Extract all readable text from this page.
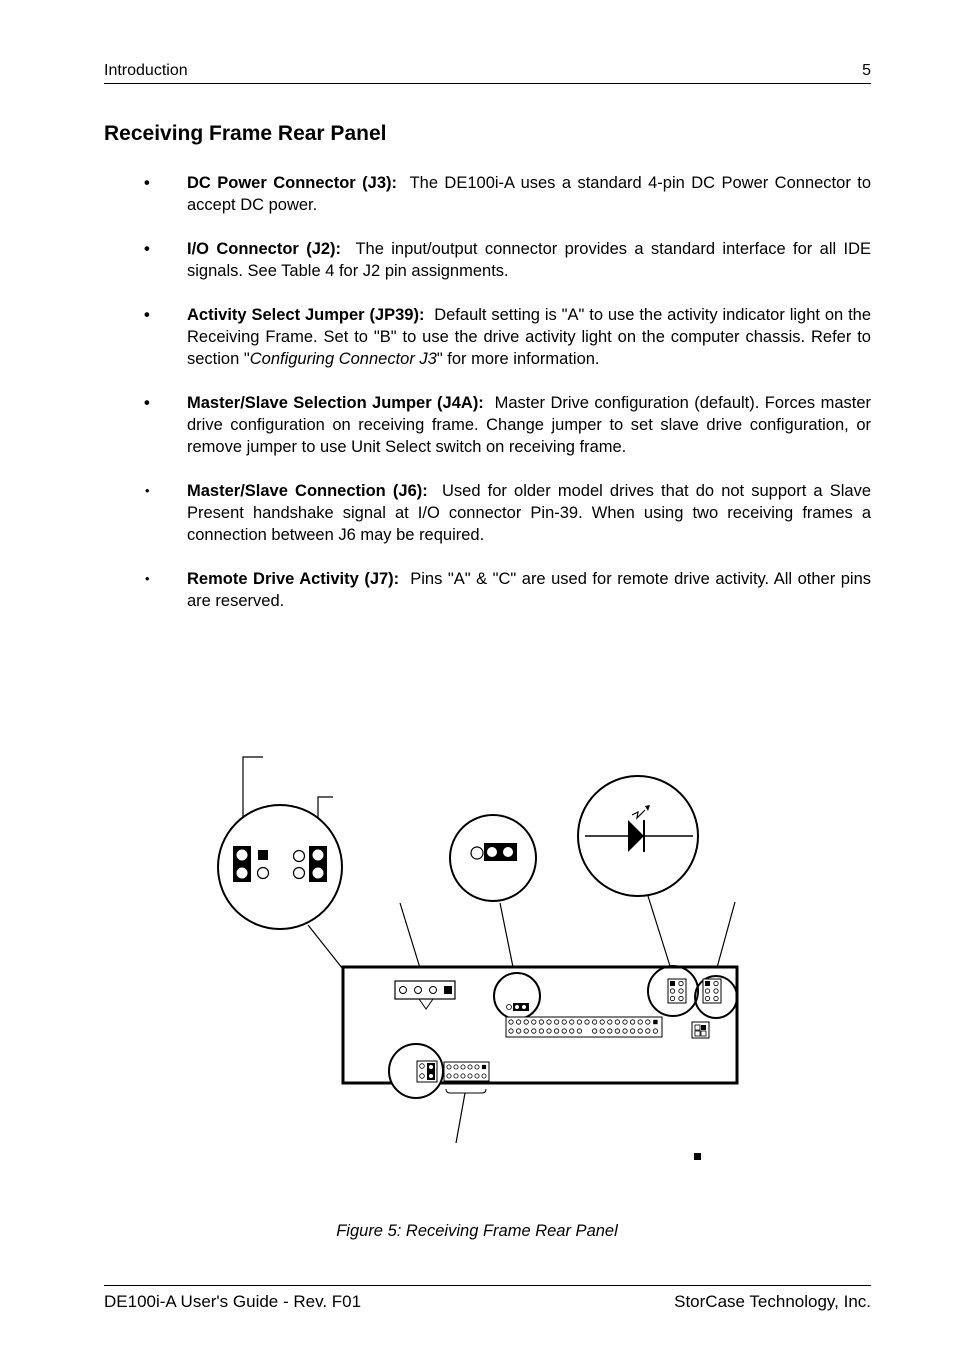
Introduction	5
Receiving Frame Rear Panel
• DC Power Connector (J3): The DE100i-A uses a standard 4-pin DC Power Connector to accept DC power.
• I/O Connector (J2): The input/output connector provides a standard interface for all IDE signals. See Table 4 for J2 pin assignments.
• Activity Select Jumper (JP39): Default setting is "A" to use the activity indicator light on the Receiving Frame. Set to "B" to use the drive activity light on the computer chassis. Refer to section "Configuring Connector J3" for more information.
• Master/Slave Selection Jumper (J4A): Master Drive configuration (default). Forces master drive configuration on receiving frame. Change jumper to set slave drive configuration, or remove jumper to use Unit Select switch on receiving frame.
• Master/Slave Connection (J6): Used for older model drives that do not support a Slave Present handshake signal at I/O connector Pin-39. When using two receiving frames a connection between J6 may be required.
• Remote Drive Activity (J7): Pins "A" & "C" are used for remote drive activity. All other pins are reserved.
Figure 5: Receiving Frame Rear Panel
DE100i-A User's Guide - Rev. F01	StorCase Technology, Inc.
